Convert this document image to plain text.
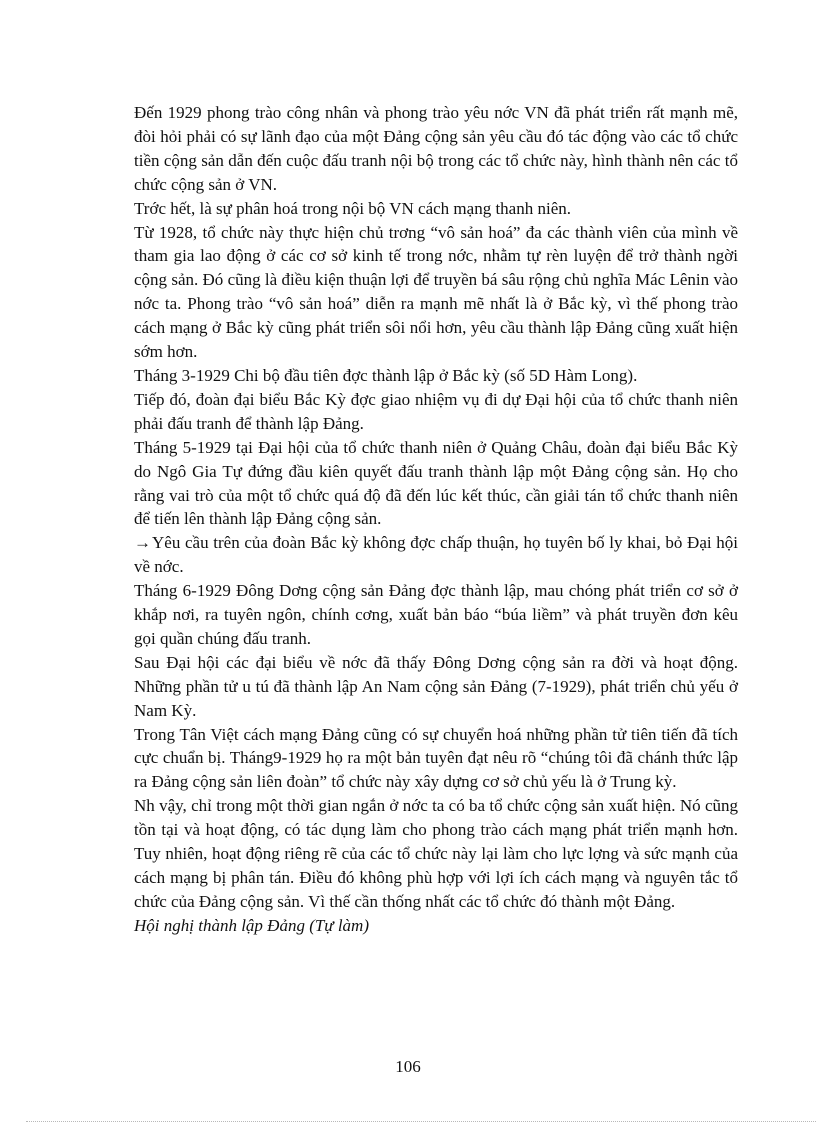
Đến 1929 phong trào công nhân và phong trào yêu nớc VN đã phát triển rất mạnh mẽ, đòi hỏi phải có sự lãnh đạo của một Đảng cộng sản yêu cầu đó tác động vào các tổ chức tiền cộng sản dẫn đến cuộc đấu tranh nội bộ trong các tổ chức này, hình thành nên các tổ chức cộng sản ở VN.

Trớc hết, là sự phân hoá trong nội bộ VN cách mạng thanh niên.

Từ 1928, tổ chức này thực hiện chủ trơng “vô sản hoá” đa các thành viên của mình về tham gia lao động ở các cơ sở kinh tế trong nớc, nhằm tự rèn luyện để trở thành ngời cộng sản. Đó cũng là điều kiện thuận lợi để truyền bá sâu rộng chủ nghĩa Mác Lênin vào nớc ta. Phong trào “vô sản hoá” diễn ra mạnh mẽ nhất là ở Bắc kỳ, vì thế phong trào cách mạng ở Bắc kỳ cũng phát triển sôi nổi hơn, yêu cầu thành lập Đảng cũng xuất hiện sớm hơn.

Tháng 3-1929 Chi bộ đầu tiên đợc thành lập ở Bắc kỳ (số 5D Hàm Long).

Tiếp đó, đoàn đại biểu Bắc Kỳ đợc giao nhiệm vụ đi dự Đại hội của tổ chức thanh niên phải đấu tranh để thành lập Đảng.

Tháng 5-1929 tại Đại hội của tổ chức thanh niên ở Quảng Châu, đoàn đại biểu Bắc Kỳ do Ngô Gia Tự đứng đầu kiên quyết đấu tranh thành lập một Đảng cộng sản. Họ cho rằng vai trò của một tổ chức quá độ đã đến lúc kết thúc, cần giải tán tổ chức thanh niên để tiến lên thành lập Đảng cộng sản.

→Yêu cầu trên của đoàn Bắc kỳ không đợc chấp thuận, họ tuyên bố ly khai, bỏ Đại hội về nớc.

Tháng 6-1929 Đông Dơng cộng sản Đảng đợc thành lập, mau chóng phát triển cơ sở ở khắp nơi, ra tuyên ngôn, chính cơng, xuất bản báo “búa liềm” và phát truyền đơn kêu gọi quần chúng đấu tranh.

Sau Đại hội các đại biểu về nớc đã thấy Đông Dơng cộng sản ra đời và hoạt động. Những phần tử u tú đã thành lập An Nam cộng sản Đảng (7-1929), phát triển chủ yếu ở Nam Kỳ.

Trong Tân Việt cách mạng Đảng cũng có sự chuyển hoá những phần tử tiên tiến đã tích cực chuẩn bị. Tháng9-1929 họ ra một bản tuyên đạt nêu rõ “chúng tôi đã chánh thức lập ra Đảng cộng sản liên đoàn” tổ chức này xây dựng cơ sở chủ yếu là ở Trung kỳ.

Nh vậy, chỉ trong một thời gian ngắn ở nớc ta có ba tổ chức cộng sản xuất hiện. Nó cũng tồn tại và hoạt động, có tác dụng làm cho phong trào cách mạng phát triển mạnh hơn. Tuy nhiên, hoạt động riêng rẽ của các tổ chức này lại làm cho lực lợng và sức mạnh của cách mạng bị phân tán. Điều đó không phù hợp với lợi ích cách mạng và nguyên tắc tổ chức của Đảng cộng sản. Vì thế cần thống nhất các tổ chức đó thành một Đảng.

Hội nghị thành lập Đảng (Tự làm)

106
